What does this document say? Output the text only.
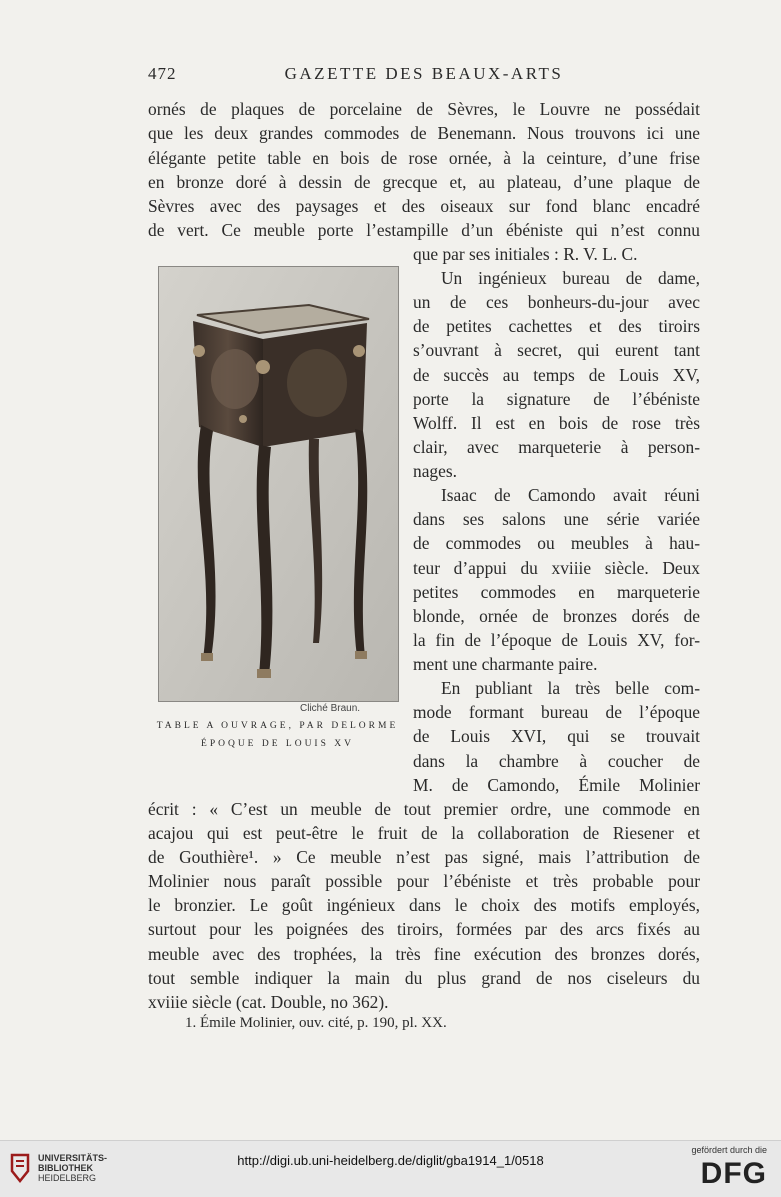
472	GAZETTE DES BEAUX-ARTS
ornés de plaques de porcelaine de Sèvres, le Louvre ne possédait
que les deux grandes commodes de Benemann. Nous trouvons ici une
élégante petite table en bois de rose ornée, à la ceinture, d’une frise
en bronze doré à dessin de grecque et, au plateau, d’une plaque de
Sèvres avec des paysages et des oiseaux sur fond blanc encadré
de vert. Ce meuble porte l’estampille d’un ébéniste qui n’est connu
que par ses initiales : R. V. L. C.
Un ingénieux bureau de dame,
un de ces bonheurs-du-jour avec
de petites cachettes et des tiroirs
s’ouvrant à secret, qui eurent tant
de succès au temps de Louis XV,
porte la signature de l’ébéniste
Wolff. Il est en bois de rose très
clair, avec marqueterie à person-
nages.
Isaac de Camondo avait réuni
dans ses salons une série variée
de commodes ou meubles à hau-
teur d’appui du xviiie siècle. Deux
petites commodes en marqueterie
blonde, ornée de bronzes dorés de
la fin de l’époque de Louis XV, for-
ment une charmante paire.
En publiant la très belle com-
mode formant bureau de l’époque
de Louis XVI, qui se trouvait
dans la chambre à coucher de
M. de Camondo, Émile Molinier
écrit : « C’est un meuble de tout premier ordre, une commode en
acajou qui est peut-être le fruit de la collaboration de Riesener et
de Gouthière¹. » Ce meuble n’est pas signé, mais l’attribution de
Molinier nous paraît possible pour l’ébéniste et très probable pour
le bronzier. Le goût ingénieux dans le choix des motifs employés,
surtout pour les poignées des tiroirs, formées par des arcs fixés au
meuble avec des trophées, la très fine exécution des bronzes dorés,
tout semble indiquer la main du plus grand de nos ciseleurs du
xviiie siècle (cat. Double, no 362).
Cliché Braun.
TABLE A OUVRAGE, PAR DELORME
ÉPOQUE DE LOUIS XV
1. Émile Molinier, ouv. cité, p. 190, pl. XX.
UNIVERSITÄTS-
BIBLIOTHEK
HEIDELBERG
http://digi.ub.uni-heidelberg.de/diglit/gba1914_1/0518
gefördert durch die
DFG
